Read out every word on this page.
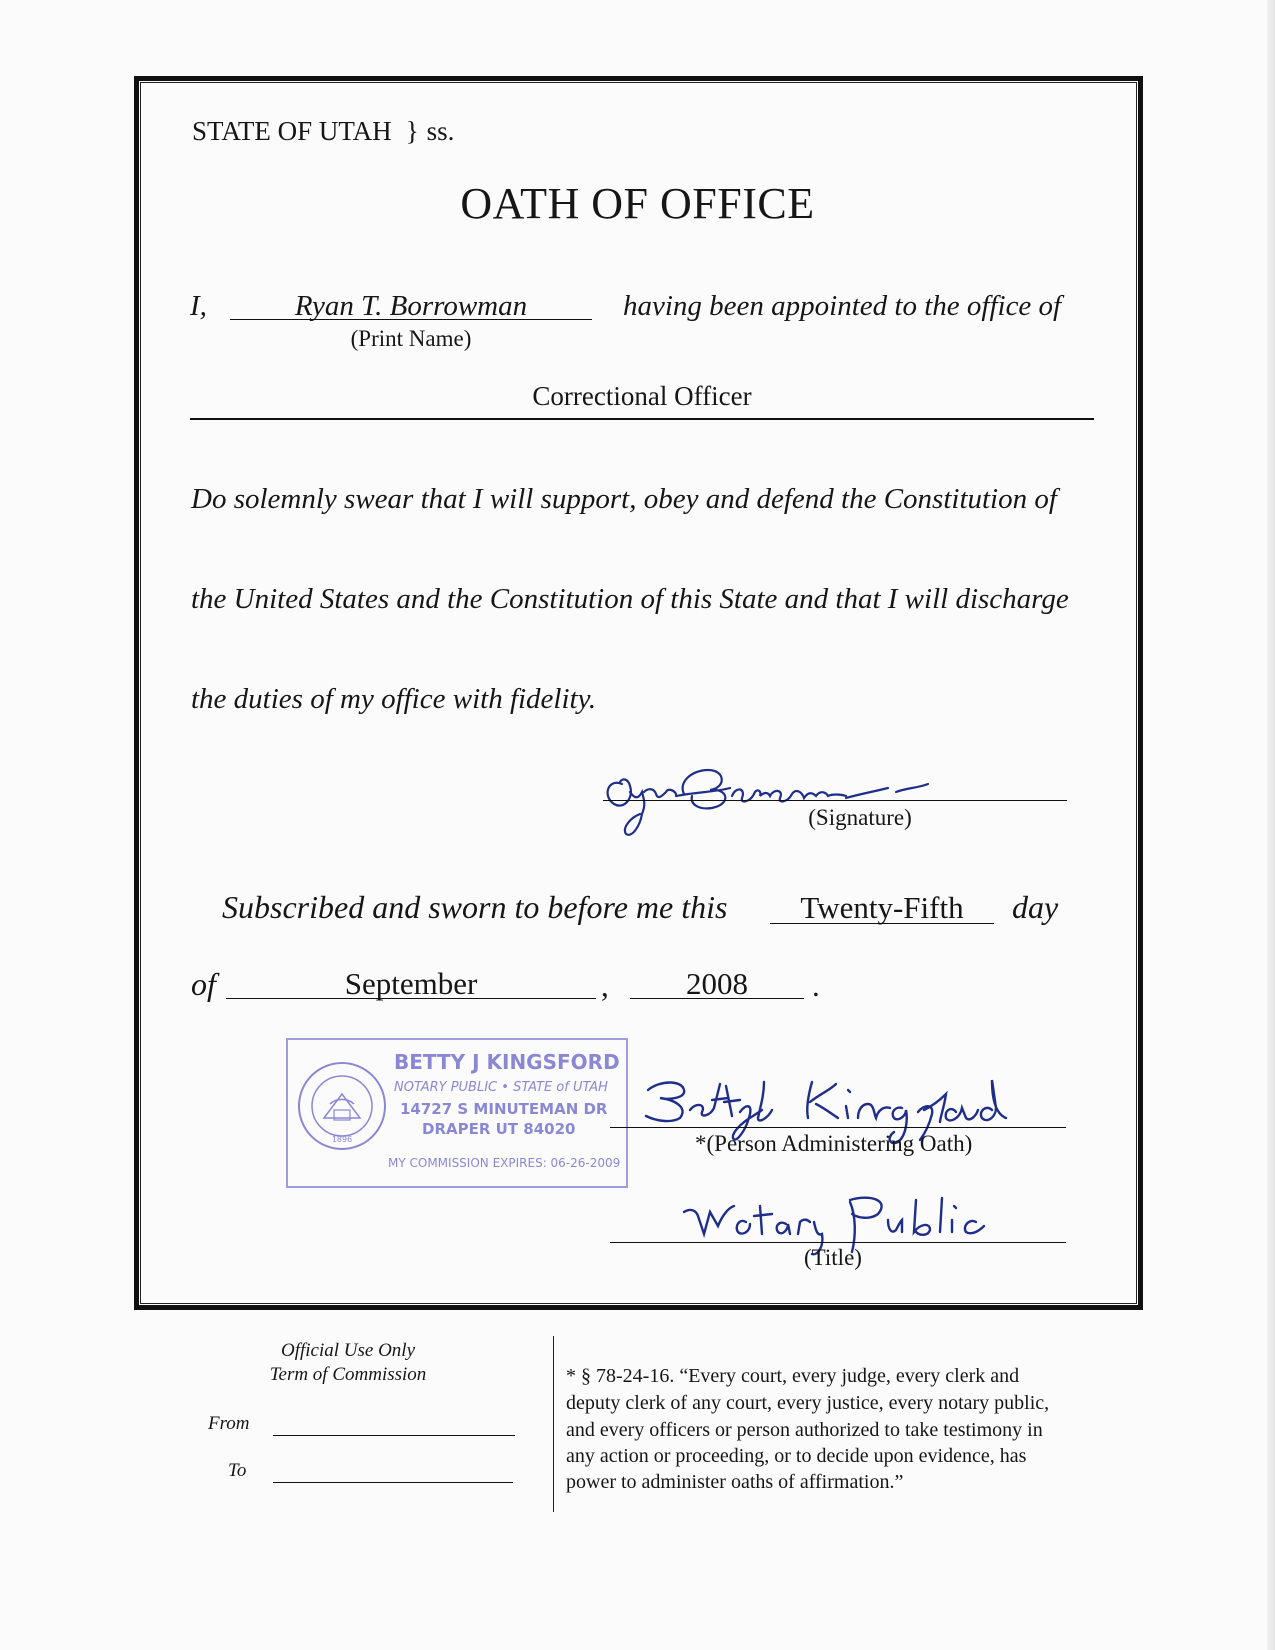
STATE OF UTAH } ss.
OATH OF OFFICE
I,	Ryan T. Borrowman
(Print Name)
having been appointed to the office of
Correctional Officer
Do solemnly swear that I will support, obey and defend the Constitution of
the United States and the Constitution of this State and that I will discharge
the duties of my office with fidelity.
(Signature)
Subscribed and sworn to before me this	Twenty-Fifth	day
of	September	,	2008	.
1896
BETTY J KINGSFORD
NOTARY PUBLIC • STATE of UTAH
14727 S MINUTEMAN DR
DRAPER UT 84020
MY COMMISSION EXPIRES: 06-26-2009
*(Person Administering Oath)
(Title)
Official Use Only
Term of Commission
From
To
* § 78-24-16. “Every court, every judge, every clerk and
deputy clerk of any court, every justice, every notary public,
and every officers or person authorized to take testimony in
any action or proceeding, or to decide upon evidence, has
power to administer oaths of affirmation.”
